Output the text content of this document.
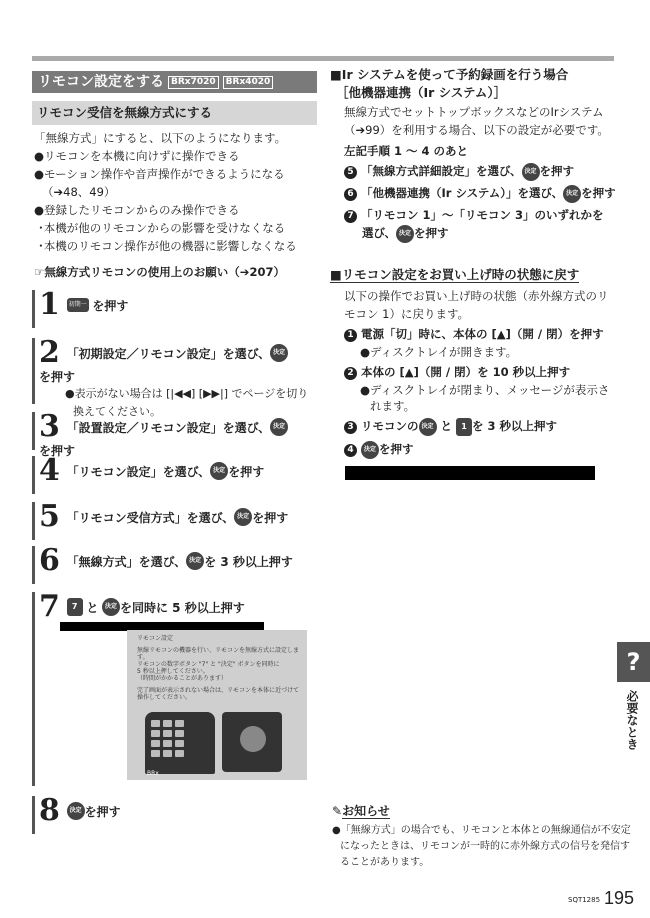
リモコン設定をする BRx7020 BRx4020
リモコン受信を無線方式にする
「無線方式」にすると、以下のようになります。
●リモコンを本機に向けずに操作できる
●モーション操作や音声操作ができるようになる
（➔48、49）
●登録したリモコンからのみ操作できる
･本機が他のリモコンからの影響を受けなくなる
･本機のリモコン操作が他の機器に影響しなくなる
☞無線方式リモコンの使用上のお願い（➔207）
1 初期一覧 を押す
2 「初期設定／リモコン設定」を選び、 決定を押す
●表示がない場合は [|◀◀] [▶▶|] でページを切り
換えてください。
3 「設置設定／リモコン設定」を選び、 決定を押す
4 「リモコン設定」を選び、 決定 を押す
5 「リモコン受信方式」を選び、 決定 を押す
6 「無線方式」を選び、 決定 を 3 秒以上押す
7 7 と 決定 を同時に 5 秒以上押す
リモコン設定
無線リモコンの機器を行い、リモコンを無線方式に設定しま
す。
リモコンの数字ボタン "7" と "決定" ボタンを同時に
5 秒以上押してください。
（時間がかかることがあります）
完了画面が表示されない場合は、リモコンを本体に近づけて
操作してください。
BRx
8 決定 を押す
■Ir システムを使って予約録画を行う場合
［他機器連携（Ir システム）］
無線方式でセットトップボックスなどのIrシステム
（➔99）を利用する場合、以下の設定が必要です。
左記手順 1 ～ 4 のあと
5 「無線方式詳細設定」を選び、 決定 を押す
6 「他機器連携（Ir システム）」を選び、 決定 を押す
7 「リモコン 1」～「リモコン 3」のいずれかを
選び、 決定 を押す
■リモコン設定をお買い上げ時の状態に戻す
以下の操作でお買い上げ時の状態（赤外線方式のリ
モコン 1）に戻ります。
1 電源「切」時に、本体の [▲]（開 / 閉）を押す
●ディスクトレイが開きます。
2 本体の [▲]（開 / 閉）を 10 秒以上押す
●ディスクトレイが閉まり、メッセージが表示さ
れます。
3 リモコンの 決定 と 1 を 3 秒以上押す
4 決定 を押す
✎お知らせ
●「無線方式」の場合でも、リモコンと本体との無線通信が不安定
になったときは、リモコンが一時的に赤外線方式の信号を発信す
ることがあります。
?
必要なとき
SQT1285 195
